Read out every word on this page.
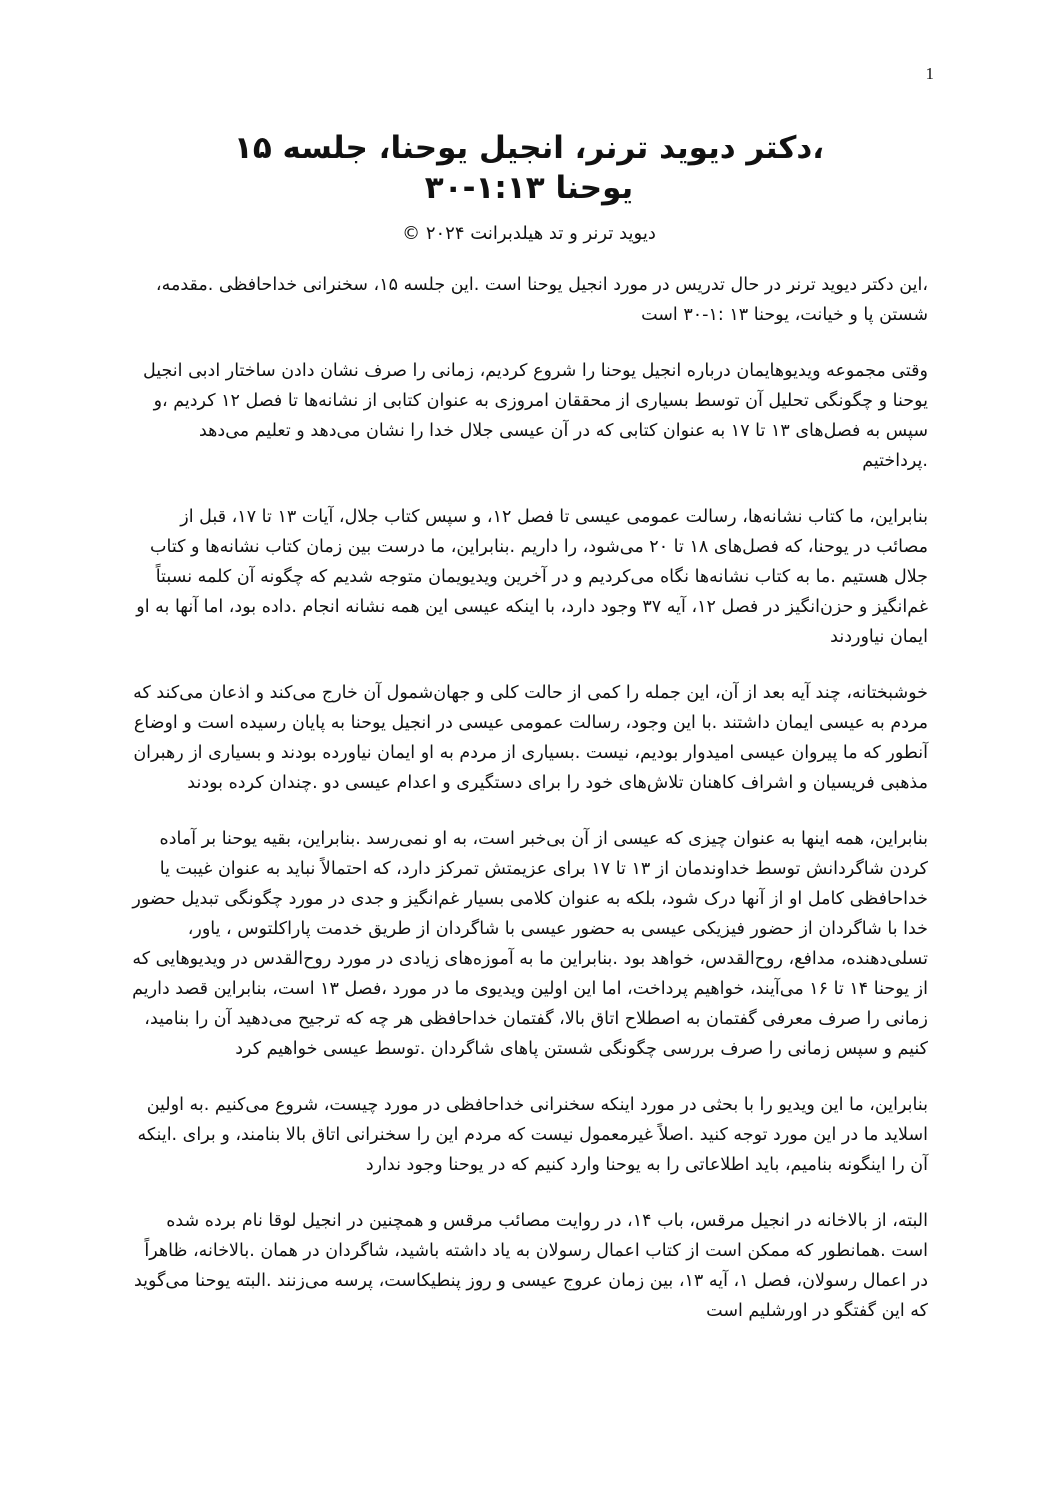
1

،دکتر دیوید ترنر، انجیل یوحنا، جلسه ۱۵

یوحنا ۱:۱۳-۳۰

دیوید ترنر و تد هیلدبرانت ۲۰۲۴ ©

،این دکتر دیوید ترنر در حال تدریس در مورد انجیل یوحنا است .این جلسه ۱۵، سخنرانی خداحافظی .مقدمه، شستن پا و خیانت، یوحنا ۱۳ :۱-۳۰ است

وقتی مجموعه ویدیوهایمان درباره انجیل یوحنا را شروع کردیم، زمانی را صرف نشان دادن ساختار ادبی انجیل یوحنا و چگونگی تحلیل آن توسط بسیاری از محققان امروزی به عنوان کتابی از نشانه‌ها تا فصل ۱۲ کردیم ،و سپس به فصل‌های ۱۳ تا ۱۷ به عنوان کتابی که در آن عیسی جلال خدا را نشان می‌دهد و تعلیم می‌دهد .پرداختیم

بنابراین، ما کتاب نشانه‌ها، رسالت عمومی عیسی تا فصل ۱۲، و سپس کتاب جلال، آیات ۱۳ تا ۱۷، قبل از مصائب در یوحنا، که فصل‌های ۱۸ تا ۲۰ می‌شود، را داریم .بنابراین، ما درست بین زمان کتاب نشانه‌ها و کتاب جلال هستیم .ما به کتاب نشانه‌ها نگاه می‌کردیم و در آخرین ویدیویمان متوجه شدیم که چگونه آن کلمه نسبتاً غم‌انگیز و حزن‌انگیز در فصل ۱۲، آیه ۳۷ وجود دارد، با اینکه عیسی این همه نشانه انجام .داده بود، اما آنها به او ایمان نیاوردند

خوشبختانه، چند آیه بعد از آن، این جمله را کمی از حالت کلی و جهان‌شمول آن خارج می‌کند و اذعان می‌کند که مردم به عیسی ایمان داشتند .با این وجود، رسالت عمومی عیسی در انجیل یوحنا به پایان رسیده است و اوضاع آنطور که ما پیروان عیسی امیدوار بودیم، نیست .بسیاری از مردم به او ایمان نیاورده بودند و بسیاری از رهبران مذهبی فریسیان و اشراف کاهنان تلاش‌های خود را برای دستگیری و اعدام عیسی دو .چندان کرده بودند

بنابراین، همه اینها به عنوان چیزی که عیسی از آن بی‌خبر است، به او نمی‌رسد .بنابراین، بقیه یوحنا بر آماده کردن شاگردانش توسط خداوندمان از ۱۳ تا ۱۷ برای عزیمتش تمرکز دارد، که احتمالاً نباید به عنوان غیبت یا خداحافظی کامل او از آنها درک شود، بلکه به عنوان کلامی بسیار غم‌انگیز و جدی در مورد چگونگی تبدیل حضور خدا با شاگردان از حضور فیزیکی عیسی به حضور عیسی با شاگردان از طریق خدمت پاراکلتوس ، یاور، تسلی‌دهنده، مدافع، روح‌القدس، خواهد بود .بنابراین ما به آموزه‌های زیادی در مورد روح‌القدس در ویدیوهایی که از یوحنا ۱۴ تا ۱۶ می‌آیند، خواهیم پرداخت، اما این اولین ویدیوی ما در مورد ،فصل ۱۳ است، بنابراین قصد داریم زمانی را صرف معرفی گفتمان به اصطلاح اتاق بالا، گفتمان خداحافظی هر چه که ترجیح می‌دهید آن را بنامید، کنیم و سپس زمانی را صرف بررسی چگونگی شستن پاهای شاگردان .توسط عیسی خواهیم کرد

بنابراین، ما این ویدیو را با بحثی در مورد اینکه سخنرانی خداحافظی در مورد چیست، شروع می‌کنیم .به اولین اسلاید ما در این مورد توجه کنید .اصلاً غیرمعمول نیست که مردم این را سخنرانی اتاق بالا بنامند، و برای .اینکه آن را اینگونه بنامیم، باید اطلاعاتی را به یوحنا وارد کنیم که در یوحنا وجود ندارد

البته، از بالاخانه در انجیل مرقس، باب ۱۴، در روایت مصائب مرقس و همچنین در انجیل لوقا نام برده شده است .همانطور که ممکن است از کتاب اعمال رسولان به یاد داشته باشید، شاگردان در همان .بالاخانه، ظاهراً در اعمال رسولان، فصل ۱، آیه ۱۳، بین زمان عروج عیسی و روز پنطیکاست، پرسه می‌زنند .البته یوحنا می‌گوید که این گفتگو در اورشلیم است
